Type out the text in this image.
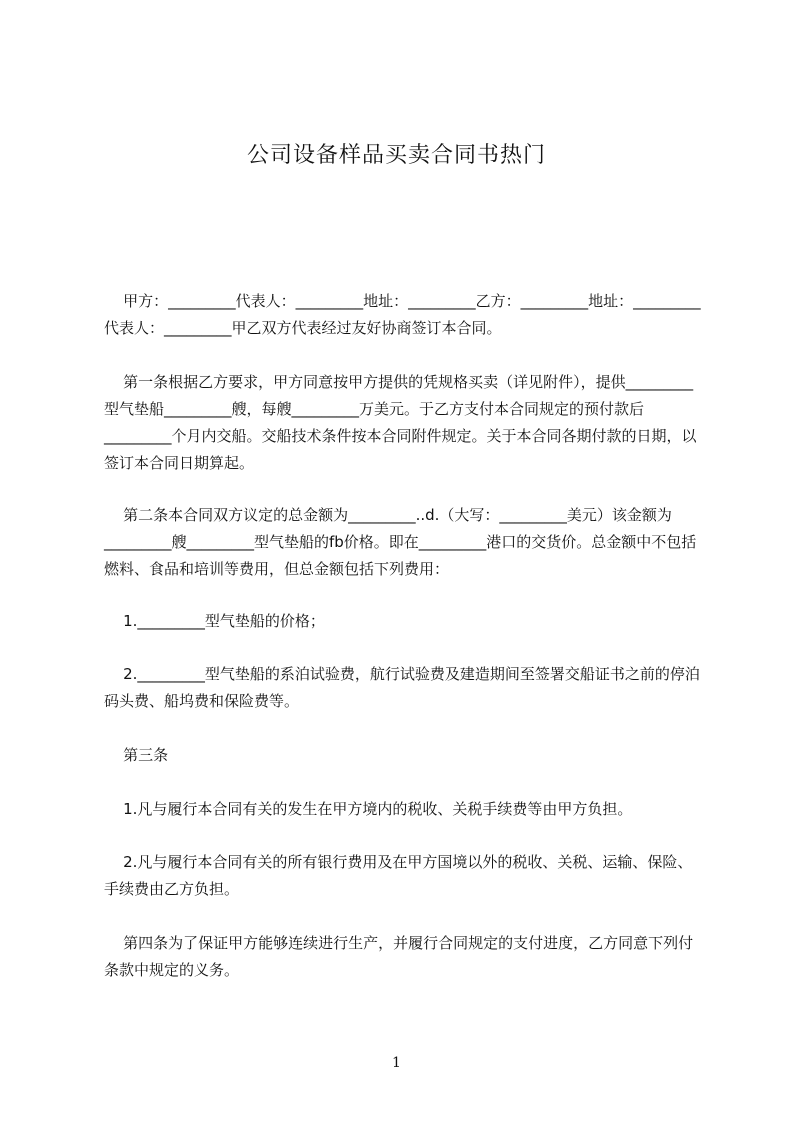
公司设备样品买卖合同书热门

甲方：_________代表人：_________地址：_________乙方：_________地址：_________代表人：_________甲乙双方代表经过友好协商签订本合同。

第一条根据乙方要求，甲方同意按甲方提供的凭规格买卖（详见附件），提供_________型气垫船_________艘，每艘_________万美元。于乙方支付本合同规定的预付款后_________个月内交船。交船技术条件按本合同附件规定。关于本合同各期付款的日期，以签订本合同日期算起。

第二条本合同双方议定的总金额为_________..d.（大写：_________美元）该金额为_________艘_________型气垫船的fb价格。即在_________港口的交货价。总金额中不包括燃料、食品和培训等费用，但总金额包括下列费用：

1._________型气垫船的价格；

2._________型气垫船的系泊试验费，航行试验费及建造期间至签署交船证书之前的停泊码头费、船坞费和保险费等。

第三条

1.凡与履行本合同有关的发生在甲方境内的税收、关税手续费等由甲方负担。

2.凡与履行本合同有关的所有银行费用及在甲方国境以外的税收、关税、运输、保险、手续费由乙方负担。

第四条为了保证甲方能够连续进行生产，并履行合同规定的支付进度，乙方同意下列付条款中规定的义务。

1
